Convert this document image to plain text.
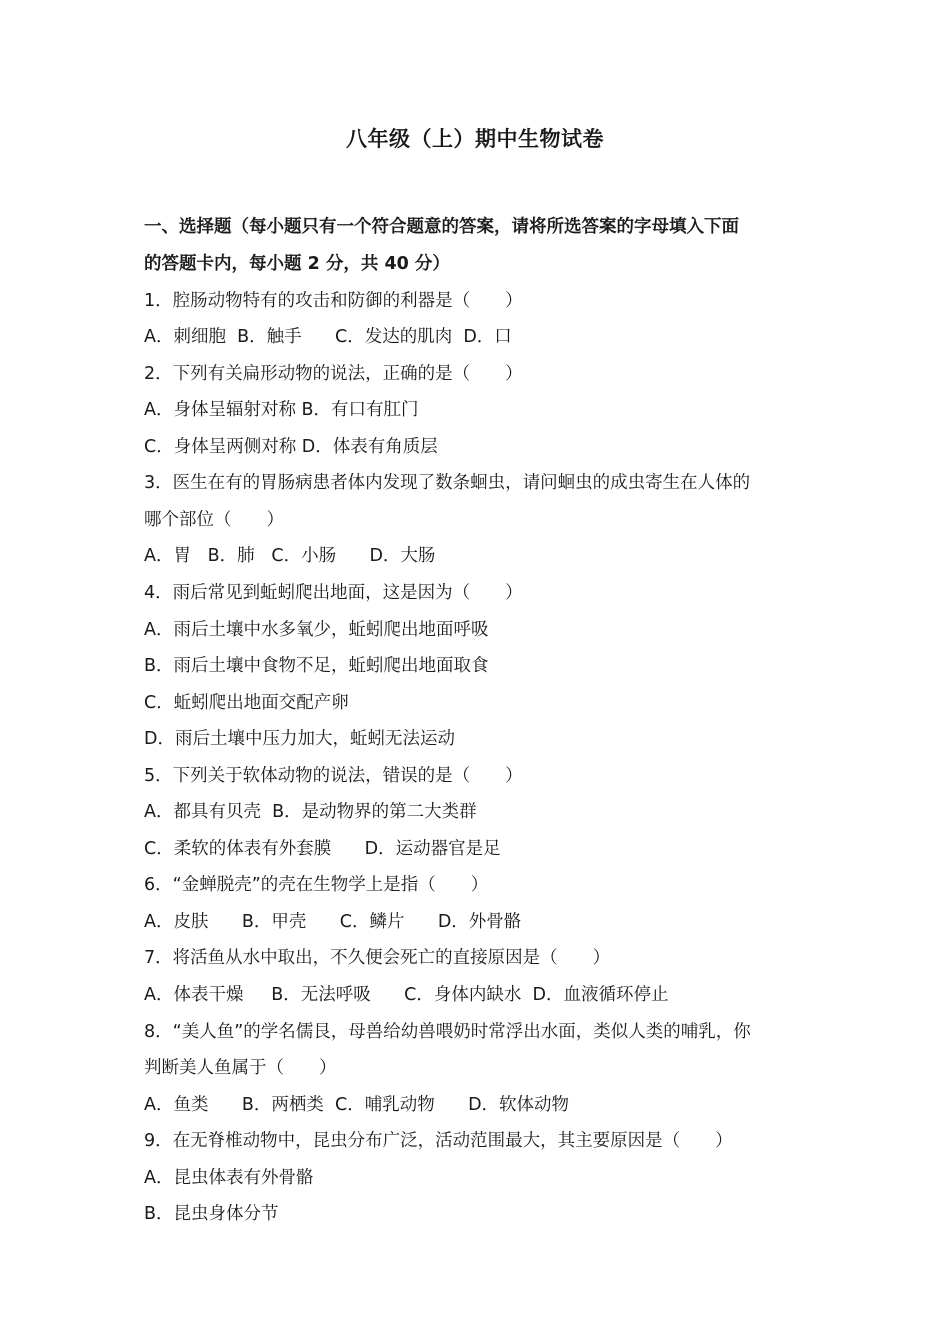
八年级（上）期中生物试卷
一、选择题（每小题只有一个符合题意的答案，请将所选答案的字母填入下面
的答题卡内，每小题 2 分，共 40 分）
1．腔肠动物特有的攻击和防御的利器是（　　）
A．刺细胞  B．触手      C．发达的肌肉  D．口
2．下列有关扁形动物的说法，正确的是（　　）
A．身体呈辐射对称 B．有口有肛门
C．身体呈两侧对称 D．体表有角质层
3．医生在有的胃肠病患者体内发现了数条蛔虫，请问蛔虫的成虫寄生在人体的
哪个部位（　　）
A．胃   B．肺   C．小肠      D．大肠
4．雨后常见到蚯蚓爬出地面，这是因为（　　）
A．雨后土壤中水多氧少，蚯蚓爬出地面呼吸
B．雨后土壤中食物不足，蚯蚓爬出地面取食
C．蚯蚓爬出地面交配产卵
D．雨后土壤中压力加大，蚯蚓无法运动
5．下列关于软体动物的说法，错误的是（　　）
A．都具有贝壳  B．是动物界的第二大类群
C．柔软的体表有外套膜      D．运动器官是足
6．“金蝉脱壳”的壳在生物学上是指（　　）
A．皮肤      B．甲壳      C．鳞片      D．外骨骼
7．将活鱼从水中取出，不久便会死亡的直接原因是（　　）
A．体表干燥     B．无法呼吸      C．身体内缺水  D．血液循环停止
8．“美人鱼”的学名儒艮，母兽给幼兽喂奶时常浮出水面，类似人类的哺乳，你
判断美人鱼属于（　　）
A．鱼类      B．两栖类  C．哺乳动物      D．软体动物
9．在无脊椎动物中，昆虫分布广泛，活动范围最大，其主要原因是（　　）
A．昆虫体表有外骨骼
B．昆虫身体分节
